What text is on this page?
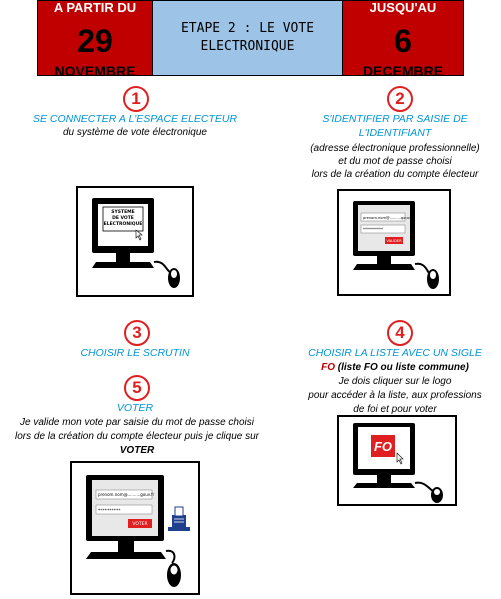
A PARTIR DU
29
NOVEMBRE
ETAPE 2 : LE VOTE
ELECTRONIQUE
JUSQU'AU
6
DECEMBRE
1
SE CONNECTER A L'ESPACE ELECTEUR
du système de vote électronique
SYSTEME
DE VOTE
ELECTRONIQUE
2
S'IDENTIFIER PAR SAISIE DE
L'IDENTIFIANT
(adresse électronique professionnelle)
et du mot de passe choisi
lors de la création du compte électeur
prenom.nom@..........gouv.fr
**********
VALIDER
3
CHOISIR LE SCRUTIN
4
CHOISIR LA LISTE AVEC UN SIGLE
FO (liste FO ou liste commune)
Je dois cliquer sur le logo
pour accéder à la liste, aux professions
de foi et pour voter
FO
5
VOTER
Je valide mon vote par saisie du mot de passe choisi
lors de la création du compte électeur puis je clique sur
VOTER
prenom.nom@..........gouv.fr
**********
VOTER
